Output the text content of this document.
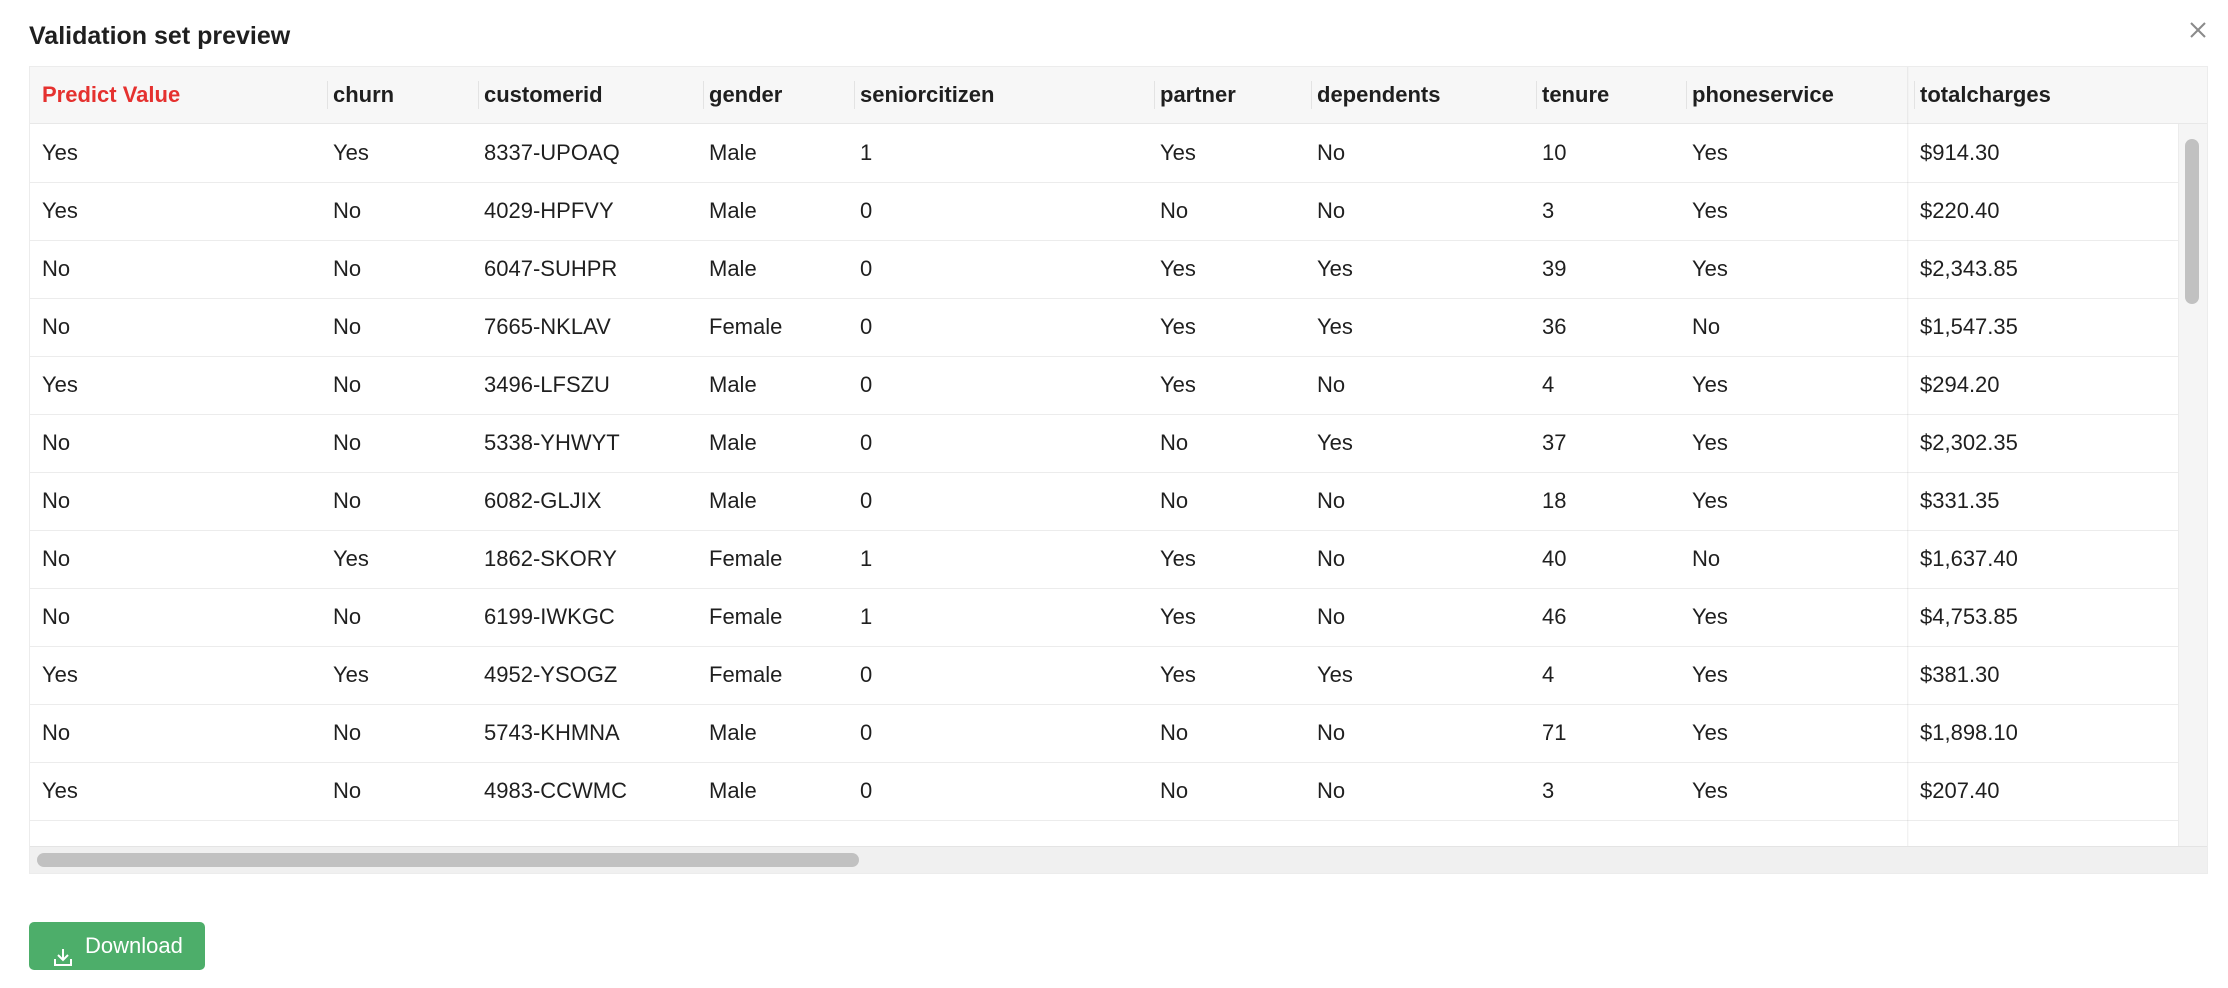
Validation set preview
Predict Value	churn	customerid	gender	seniorcitizen	partner	dependents	tenure	phoneservice	totalcharges
Yes	Yes	8337-UPOAQ	Male	1	Yes	No	10	Yes	$914.30
Yes	No	4029-HPFVY	Male	0	No	No	3	Yes	$220.40
No	No	6047-SUHPR	Male	0	Yes	Yes	39	Yes	$2,343.85
No	No	7665-NKLAV	Female	0	Yes	Yes	36	No	$1,547.35
Yes	No	3496-LFSZU	Male	0	Yes	No	4	Yes	$294.20
No	No	5338-YHWYT	Male	0	No	Yes	37	Yes	$2,302.35
No	No	6082-GLJIX	Male	0	No	No	18	Yes	$331.35
No	Yes	1862-SKORY	Female	1	Yes	No	40	No	$1,637.40
No	No	6199-IWKGC	Female	1	Yes	No	46	Yes	$4,753.85
Yes	Yes	4952-YSOGZ	Female	0	Yes	Yes	4	Yes	$381.30
No	No	5743-KHMNA	Male	0	No	No	71	Yes	$1,898.10
Yes	No	4983-CCWMC	Male	0	No	No	3	Yes	$207.40
Download
